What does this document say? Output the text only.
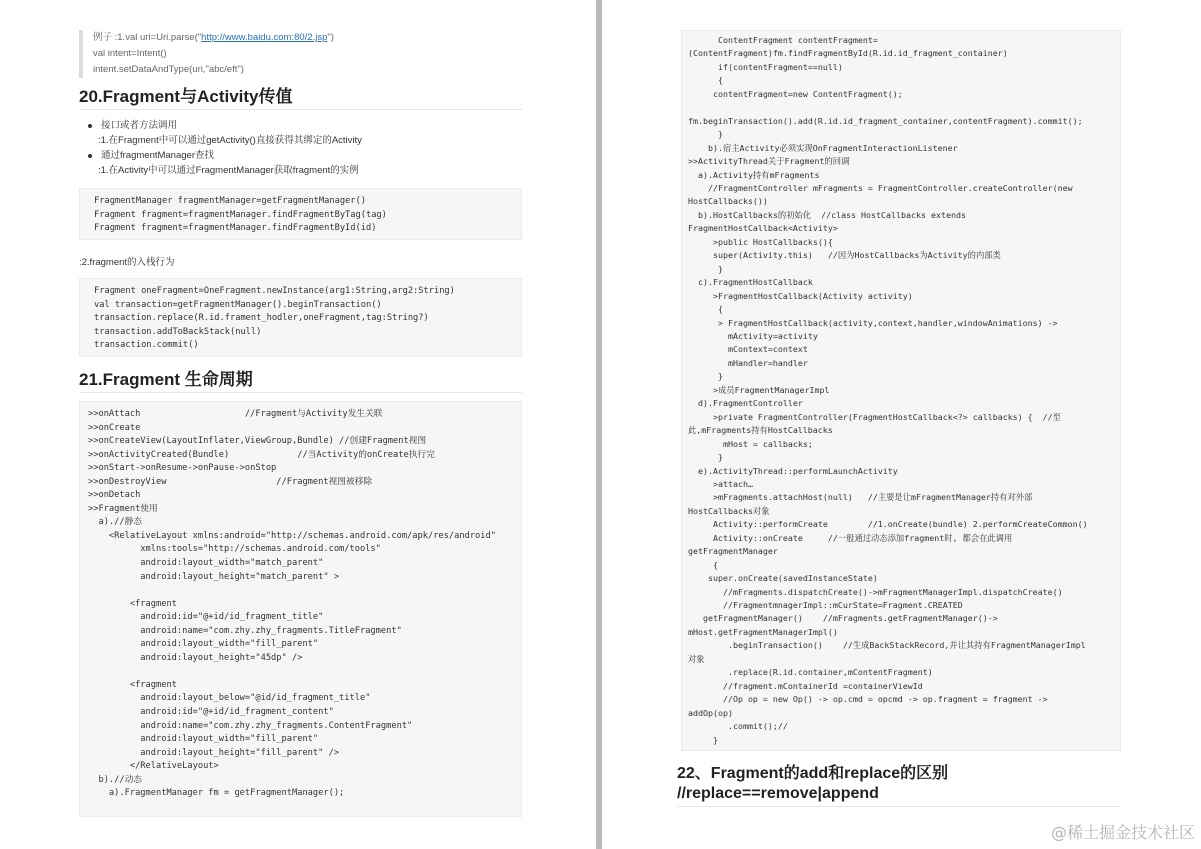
例子 :1.val uri=Uri.parse("http://www.baidu.com:80/2.jsp")
val intent=Intent()
intent.setDataAndType(uri,"abc/eft")
20.Fragment与Activity传值
接口或者方法调用
:1.在Fragment中可以通过getActivity()直接获得其绑定的Activity
通过fragmentManager查找
:1.在Activity中可以通过FragmentManager获取fragment的实例
FragmentManager fragmentManager=getFragmentManager()
Fragment fragment=fragmentManager.findFragmentByTag(tag)
Fragment fragment=fragmentManager.findFragmentById(id)
:2.fragment的入栈行为
Fragment oneFragment=OneFragment.newInstance(arg1:String,arg2:String)
val transaction=getFragmentManager().beginTransaction()
transaction.replace(R.id.frament_hodler,oneFragment,tag:String?)
transaction.addToBackStack(null)
transaction.commit()
21.Fragment 生命周期
>>onAttach                    //Fragment与Activity发生关联
>>onCreate
>>onCreateView(LayoutInflater,ViewGroup,Bundle) //创建Fragment视图
>>onActivityCreated(Bundle)             //当Activity的onCreate执行完
>>onStart->onResume->onPause->onStop
>>onDestroyView                     //Fragment视图被移除
>>onDetach
>>Fragment使用
a).//静态
<RelativeLayout xmlns:android="http://schemas.android.com/apk/res/android"
xmlns:tools="http://schemas.android.com/tools"
android:layout_width="match_parent"
android:layout_height="match_parent" >

<fragment
android:id="@+id/id_fragment_title"
android:name="com.zhy.zhy_fragments.TitleFragment"
android:layout_width="fill_parent"
android:layout_height="45dp" />

<fragment
android:layout_below="@id/id_fragment_title"
android:id="@+id/id_fragment_content"
android:name="com.zhy.zhy_fragments.ContentFragment"
android:layout_width="fill_parent"
android:layout_height="fill_parent" />
</RelativeLayout>
b).//动态
a).FragmentManager fm = getFragmentManager();
ContentFragment contentFragment=
(ContentFragment)fm.findFragmentById(R.id.id_fragment_container)
if(contentFragment==null)
{
contentFragment=new ContentFragment();

fm.beginTransaction().add(R.id.id_fragment_container,contentFragment).commit();
}
b).宿主Activity必须实现OnFragmentInteractionListener
>>ActivityThread关于Fragment的回调
a).Activity持有mFragments
//FragmentController mFragments = FragmentController.createController(new
HostCallbacks())
b).HostCallbacks的初始化  //class HostCallbacks extends
FragmentHostCallback<Activity>
>public HostCallbacks(){
super(Activity.this)   //因为HostCallbacks为Activity的内部类
}
c).FragmentHostCallback
>FragmentHostCallback(Activity activity)
{
> FragmentHostCallback(activity,context,handler,windowAnimations) ->
mActivity=activity
mContext=context
mHandler=handler
}
>成员FragmentManagerImpl
d).FragmentController
>private FragmentController(FragmentHostCallback<?> callbacks) {  //至
此,mFragments持有HostCallbacks
mHost = callbacks;
}
e).ActivityThread::performLaunchActivity
>attach…
>mFragments.attachHost(null)   //主要是让mFragmentManager持有对外部
HostCallbacks对象
Activity::performCreate        //1.onCreate(bundle) 2.performCreateCommon()
Activity::onCreate     //一般通过动态添加fragment时, 都会在此调用
getFragmentManager
{
super.onCreate(savedInstanceState)
//mFragments.dispatchCreate()->mFragmentManagerImpl.dispatchCreate()
//FragmentmnagerImpl::mCurState=Fragment.CREATED
getFragmentManager()    //mFragments.getFragmentManager()->
mHost.getFragmentManagerImpl()
.beginTransaction()    //生成BackStackRecord,并让其持有FragmentManagerImpl
对象
.replace(R.id.container,mContentFragment)
//fragment.mContainerId =containerViewId
//Op op = new Op() -> op.cmd = opcmd -> op.fragment = fragment ->
addOp(op)
.commit();//
}
22、Fragment的add和replace的区别
//replace==remove|append
@稀土掘金技术社区
